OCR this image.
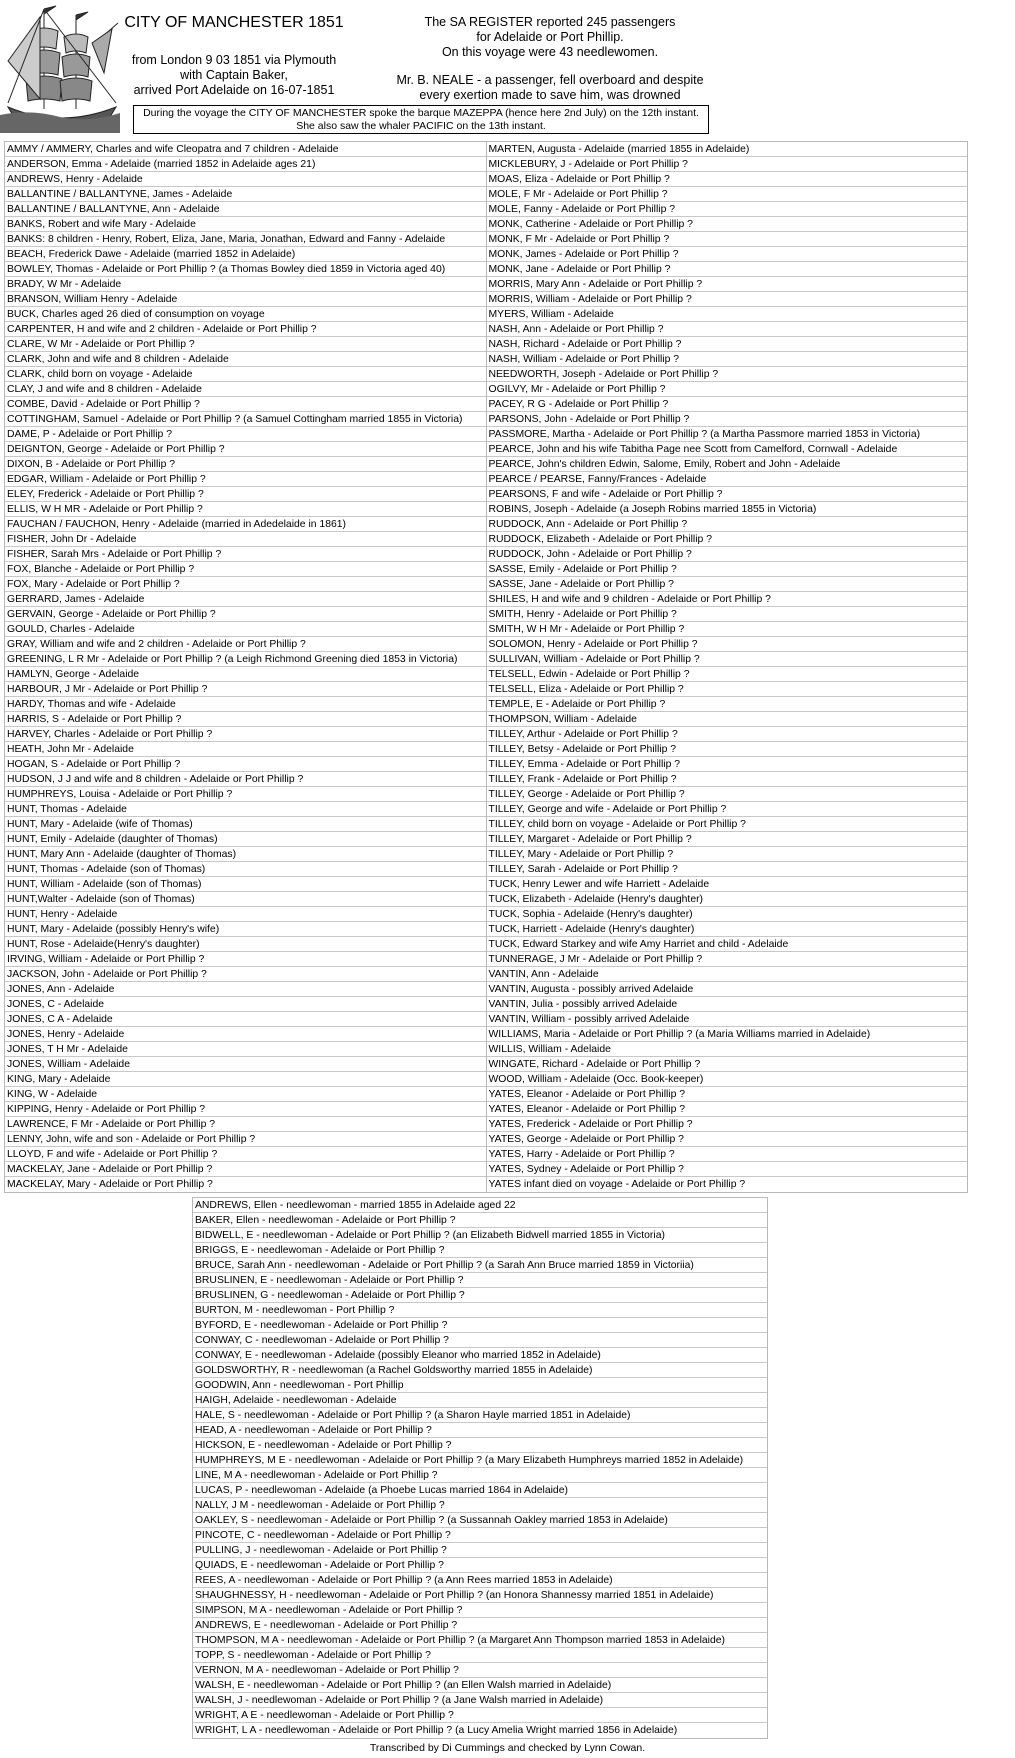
CITY OF MANCHESTER 1851
from London 9 03 1851 via Plymouth
with Captain Baker,
arrived Port Adelaide on 16-07-1851
The SA REGISTER reported 245 passengers
for Adelaide or Port Phillip.
On this voyage were 43 needlewomen.
Mr. B. NEALE - a passenger, fell overboard and despite
every exertion made to save him, was drowned
During the voyage the CITY OF MANCHESTER spoke the barque MAZEPPA (hence here 2nd July) on the 12th instant.
She also saw the whaler PACIFIC on the 13th instant.
AMMY / AMMERY, Charles and wife Cleopatra and 7 children - Adelaide
ANDERSON, Emma - Adelaide (married 1852 in Adelaide ages 21)
ANDREWS, Henry - Adelaide
BALLANTINE / BALLANTYNE, James - Adelaide
BALLANTINE / BALLANTYNE, Ann - Adelaide
BANKS, Robert and wife Mary - Adelaide
BANKS: 8 children - Henry, Robert, Eliza, Jane, Maria, Jonathan, Edward and Fanny - Adelaide
BEACH, Frederick Dawe - Adelaide (married 1852 in Adelaide)
BOWLEY, Thomas - Adelaide or Port Phillip ? (a Thomas Bowley died 1859 in Victoria aged 40)
BRADY, W Mr - Adelaide
BRANSON, William Henry - Adelaide
BUCK, Charles aged 26 died of consumption on voyage
CARPENTER, H and wife and 2 children - Adelaide or Port Phillip ?
CLARE, W Mr - Adelaide or Port Phillip ?
CLARK, John and wife and 8 children - Adelaide
CLARK, child born on voyage - Adelaide
CLAY, J and wife and 8 children - Adelaide
COMBE, David - Adelaide or Port Phillip ?
COTTINGHAM, Samuel - Adelaide or Port Phillip ? (a Samuel Cottingham married 1855 in Victoria)
DAME, P - Adelaide or Port Phillip ?
DEIGNTON, George - Adelaide or Port Phillip ?
DIXON, B - Adelaide or Port Phillip ?
EDGAR, William - Adelaide or Port Phillip ?
ELEY, Frederick - Adelaide or Port Phillip ?
ELLIS, W H MR - Adelaide or Port Phillip ?
FAUCHAN / FAUCHON, Henry - Adelaide (married in Adedelaide in 1861)
FISHER, John Dr - Adelaide
FISHER, Sarah Mrs - Adelaide or Port Phillip ?
FOX, Blanche - Adelaide or Port Phillip ?
FOX, Mary - Adelaide or Port Phillip ?
GERRARD, James - Adelaide
GERVAIN, George - Adelaide or Port Phillip ?
GOULD, Charles - Adelaide
GRAY, William and wife and 2 children - Adelaide or Port Phillip ?
GREENING, L R Mr - Adelaide or Port Phillip ? (a Leigh Richmond Greening died 1853 in Victoria)
HAMLYN, George - Adelaide
HARBOUR, J Mr - Adelaide or Port Phillip ?
HARDY, Thomas and wife - Adelaide
HARRIS, S - Adelaide or Port Phillip ?
HARVEY, Charles - Adelaide or Port Phillip ?
HEATH, John Mr - Adelaide
HOGAN, S - Adelaide or Port Phillip ?
HUDSON, J J and wife and 8 children - Adelaide or Port Phillip ?
HUMPHREYS, Louisa - Adelaide or Port Phillip ?
HUNT, Thomas - Adelaide
HUNT, Mary - Adelaide (wife of Thomas)
HUNT, Emily - Adelaide (daughter of Thomas)
HUNT, Mary Ann - Adelaide (daughter of Thomas)
HUNT, Thomas - Adelaide (son of Thomas)
HUNT, William - Adelaide (son of Thomas)
HUNT,Walter - Adelaide (son of Thomas)
HUNT, Henry - Adelaide
HUNT, Mary - Adelaide (possibly Henry's wife)
HUNT, Rose - Adelaide(Henry's daughter)
IRVING, William - Adelaide or Port Phillip ?
JACKSON, John - Adelaide or Port Phillip ?
JONES, Ann - Adelaide
JONES, C - Adelaide
JONES, C A - Adelaide
JONES, Henry - Adelaide
JONES, T H Mr - Adelaide
JONES, William - Adelaide
KING, Mary - Adelaide
KING, W - Adelaide
KIPPING, Henry - Adelaide or Port Phillip ?
LAWRENCE, F Mr - Adelaide or Port Phillip ?
LENNY, John, wife and son - Adelaide or Port Phillip ?
LLOYD, F and wife - Adelaide or Port Phillip ?
MACKELAY, Jane - Adelaide or Port Phillip ?
MACKELAY, Mary - Adelaide or Port Phillip ?
MARTEN, Augusta - Adelaide (married 1855 in Adelaide)
MICKLEBURY, J - Adelaide or Port Phillip ?
MOAS, Eliza - Adelaide or Port Phillip ?
MOLE, F Mr - Adelaide or Port Phillip ?
MOLE, Fanny - Adelaide or Port Phillip ?
MONK, Catherine - Adelaide or Port Phillip ?
MONK, F Mr - Adelaide or Port Phillip ?
MONK, James - Adelaide or Port Phillip ?
MONK, Jane - Adelaide or Port Phillip ?
MORRIS, Mary Ann - Adelaide or Port Phillip ?
MORRIS, William - Adelaide or Port Phillip ?
MYERS, William - Adelaide
NASH, Ann - Adelaide or Port Phillip ?
NASH, Richard - Adelaide or Port Phillip ?
NASH, William - Adelaide or Port Phillip ?
NEEDWORTH, Joseph - Adelaide or Port Phillip ?
OGILVY, Mr - Adelaide or Port Phillip ?
PACEY, R G - Adelaide or Port Phillip ?
PARSONS, John - Adelaide or Port Phillip ?
PASSMORE, Martha - Adelaide or Port Phillip ? (a Martha Passmore married 1853 in Victoria)
PEARCE, John and his wife Tabitha Page nee Scott from Camelford, Cornwall - Adelaide
PEARCE, John's children Edwin, Salome, Emily, Robert and John - Adelaide
PEARCE / PEARSE, Fanny/Frances - Adelaide
PEARSONS, F and wife - Adelaide or Port Phillip ?
ROBINS, Joseph - Adelaide (a Joseph Robins married 1855 in Victoria)
RUDDOCK, Ann - Adelaide or Port Phillip ?
RUDDOCK, Elizabeth - Adelaide or Port Phillip ?
RUDDOCK, John - Adelaide or Port Phillip ?
SASSE, Emily - Adelaide or Port Phillip ?
SASSE, Jane - Adelaide or Port Phillip ?
SHILES, H and wife and 9 children - Adelaide or Port Phillip ?
SMITH, Henry - Adelaide or Port Phillip ?
SMITH, W H Mr - Adelaide or Port Phillip ?
SOLOMON, Henry - Adelaide or Port Phillip ?
SULLIVAN, William - Adelaide or Port Phillip ?
TELSELL, Edwin - Adelaide or Port Phillip ?
TELSELL, Eliza - Adelaide or Port Phillip ?
TEMPLE, E - Adelaide or Port Phillip ?
THOMPSON, William - Adelaide
TILLEY, Arthur - Adelaide or Port Phillip ?
TILLEY, Betsy - Adelaide or Port Phillip ?
TILLEY, Emma - Adelaide or Port Phillip ?
TILLEY, Frank - Adelaide or Port Phillip ?
TILLEY, George - Adelaide or Port Phillip ?
TILLEY, George and wife - Adelaide or Port Phillip ?
TILLEY, child born on voyage - Adelaide or Port Phillip ?
TILLEY, Margaret - Adelaide or Port Phillip ?
TILLEY, Mary - Adelaide or Port Phillip ?
TILLEY, Sarah - Adelaide or Port Phillip ?
TUCK, Henry Lewer and wife Harriett - Adelaide
TUCK, Elizabeth - Adelaide (Henry's daughter)
TUCK, Sophia - Adelaide (Henry's daughter)
TUCK, Harriett - Adelaide (Henry's daughter)
TUCK, Edward Starkey and wife Amy Harriet and child - Adelaide
TUNNERAGE, J Mr - Adelaide or Port Phillip ?
VANTIN, Ann - Adelaide
VANTIN, Augusta - possibly arrived Adelaide
VANTIN, Julia - possibly arrived Adelaide
VANTIN, William - possibly arrived Adelaide
WILLIAMS, Maria - Adelaide or Port Phillip ? (a Maria Williams married in Adelaide)
WILLIS, William - Adelaide
WINGATE, Richard - Adelaide or Port Phillip ?
WOOD, William - Adelaide (Occ. Book-keeper)
YATES, Eleanor - Adelaide or Port Phillip ?
YATES, Eleanor - Adelaide or Port Phillip ?
YATES, Frederick - Adelaide or Port Phillip ?
YATES, George - Adelaide or Port Phillip ?
YATES, Harry - Adelaide or Port Phillip ?
YATES, Sydney - Adelaide or Port Phillip ?
YATES infant died on voyage - Adelaide or Port Phillip ?
ANDREWS, Ellen - needlewoman - married 1855 in Adelaide aged 22
BAKER, Ellen - needlewoman - Adelaide or Port Phillip ?
BIDWELL, E - needlewoman - Adelaide or Port Phillip ? (an Elizabeth Bidwell married 1855 in Victoria)
BRIGGS, E - needlewoman - Adelaide or Port Phillip ?
BRUCE, Sarah Ann - needlewoman - Adelaide or Port Phillip ? (a Sarah Ann Bruce married 1859 in Victoriia)
BRUSLINEN, E - needlewoman - Adelaide or Port Phillip ?
BRUSLINEN, G - needlewoman - Adelaide or Port Phillip ?
BURTON, M - needlewoman - Port Phillip ?
BYFORD, E - needlewoman - Adelaide or Port Phillip ?
CONWAY, C - needlewoman - Adelaide or Port Phillip ?
CONWAY, E - needlewoman - Adelaide (possibly Eleanor who married 1852 in Adelaide)
GOLDSWORTHY, R - needlewoman (a Rachel Goldsworthy married 1855 in Adelaide)
GOODWIN, Ann - needlewoman - Port Phillip
HAIGH, Adelaide - needlewoman - Adelaide
HALE, S - needlewoman - Adelaide or Port Phillip ? (a Sharon Hayle married 1851 in Adelaide)
HEAD, A - needlewoman - Adelaide or Port Phillip ?
HICKSON, E - needlewoman - Adelaide or Port Phillip ?
HUMPHREYS, M E - needlewoman - Adelaide or Port Phillip ? (a Mary Elizabeth Humphreys married 1852 in Adelaide)
LINE, M A - needlewoman - Adelaide or Port Phillip ?
LUCAS, P - needlewoman - Adelaide (a Phoebe Lucas married 1864 in Adelaide)
NALLY, J M - needlewoman - Adelaide or Port Phillip ?
OAKLEY, S - needlewoman - Adelaide or Port Phillip ? (a Sussannah Oakley married 1853 in Adelaide)
PINCOTE, C - needlewoman - Adelaide or Port Phillip ?
PULLING, J - needlewoman - Adelaide or Port Phillip ?
QUIADS, E - needlewoman - Adelaide or Port Phillip ?
REES, A - needlewoman - Adelaide or Port Phillip ? (a Ann Rees married 1853 in Adelaide)
SHAUGHNESSY, H - needlewoman - Adelaide or Port Phillip ? (an Honora Shannessy married 1851 in Adelaide)
SIMPSON, M A - needlewoman - Adelaide or Port Phillip ?
ANDREWS, E - needlewoman - Adelaide or Port Phillip ?
THOMPSON, M A - needlewoman - Adelaide or Port Phillip ? (a Margaret Ann Thompson married 1853 in Adelaide)
TOPP, S - needlewoman - Adelaide or Port Phillip ?
VERNON, M A - needlewoman - Adelaide or Port Phillip ?
WALSH, E - needlewoman - Adelaide or Port Phillip ? (an Ellen Walsh married in Adelaide)
WALSH, J - needlewoman - Adelaide or Port Phillip ? (a Jane Walsh married in Adelaide)
WRIGHT, A E - needlewoman - Adelaide or Port Phillip ?
WRIGHT, L A - needlewoman - Adelaide or Port Phillip ? (a Lucy Amelia Wright married 1856 in Adelaide)
Transcribed by Di Cummings and checked by Lynn Cowan.
